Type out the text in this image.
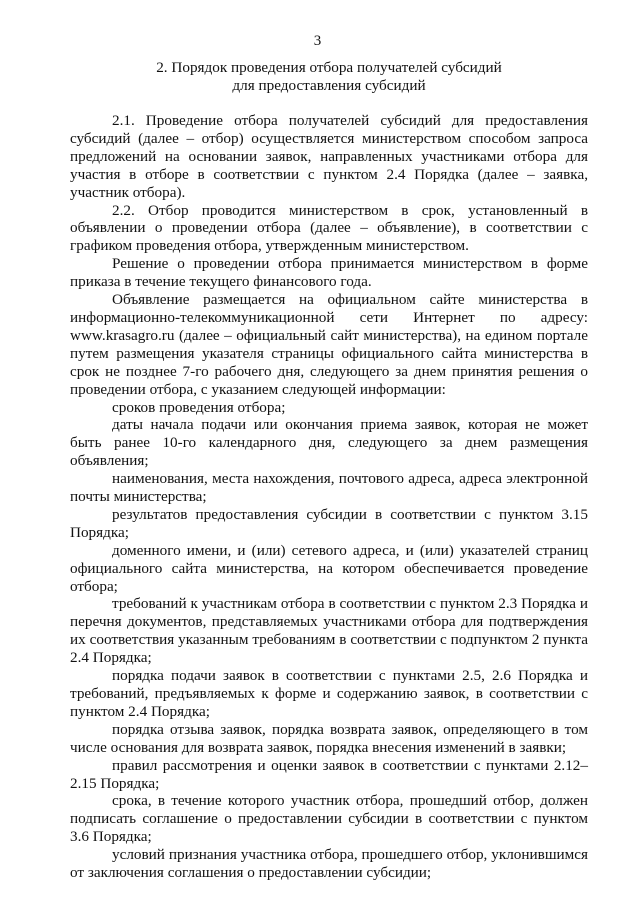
3
2. Порядок проведения отбора получателей субсидий
для предоставления субсидий

2.1. Проведение отбора получателей субсидий для предоставления субсидий (далее – отбор) осуществляется министерством способом запроса предложений на основании заявок, направленных участниками отбора для участия в отборе в соответствии с пунктом 2.4 Порядка (далее – заявка, участник отбора).

2.2. Отбор проводится министерством в срок, установленный в объявлении о проведении отбора (далее – объявление), в соответствии с графиком проведения отбора, утвержденным министерством.

Решение о проведении отбора принимается министерством в форме приказа в течение текущего финансового года.

Объявление размещается на официальном сайте министерства в информационно-телекоммуникационной сети Интернет по адресу: www.krasagro.ru (далее – официальный сайт министерства), на едином портале путем размещения указателя страницы официального сайта министерства в срок не позднее 7-го рабочего дня, следующего за днем принятия решения о проведении отбора, с указанием следующей информации:

сроков проведения отбора;

даты начала подачи или окончания приема заявок, которая не может быть ранее 10-го календарного дня, следующего за днем размещения объявления;

наименования, места нахождения, почтового адреса, адреса электронной почты министерства;

результатов предоставления субсидии в соответствии с пунктом 3.15 Порядка;

доменного имени, и (или) сетевого адреса, и (или) указателей страниц официального сайта министерства, на котором обеспечивается проведение отбора;

требований к участникам отбора в соответствии с пунктом 2.3 Порядка и перечня документов, представляемых участниками отбора для подтверждения их соответствия указанным требованиям в соответствии с подпунктом 2 пункта 2.4 Порядка;

порядка подачи заявок в соответствии с пунктами 2.5, 2.6 Порядка и требований, предъявляемых к форме и содержанию заявок, в соответствии с пунктом 2.4 Порядка;

порядка отзыва заявок, порядка возврата заявок, определяющего в том числе основания для возврата заявок, порядка внесения изменений в заявки;

правил рассмотрения и оценки заявок в соответствии с пунктами 2.12–2.15 Порядка;

срока, в течение которого участник отбора, прошедший отбор, должен подписать соглашение о предоставлении субсидии в соответствии с пунктом 3.6 Порядка;

условий признания участника отбора, прошедшего отбор, уклонившимся от заключения соглашения о предоставлении субсидии;
